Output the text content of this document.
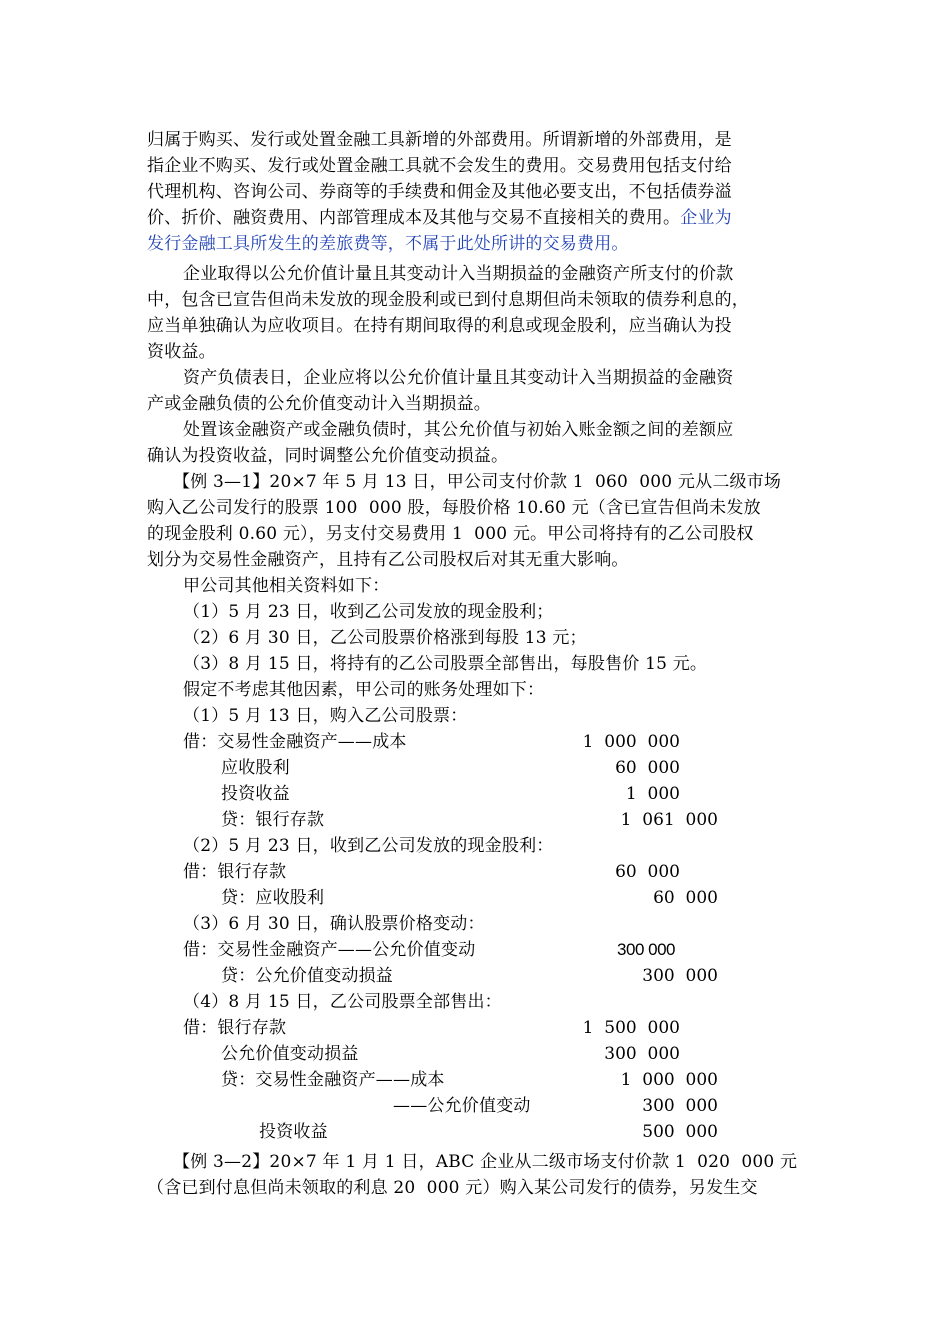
归属于购买、发行或处置金融工具新增的外部费用。所谓新增的外部费用，是
指企业不购买、发行或处置金融工具就不会发生的费用。交易费用包括支付给
代理机构、咨询公司、券商等的手续费和佣金及其他必要支出，不包括债券溢
价、折价、融资费用、内部管理成本及其他与交易不直接相关的费用。企业为
发行金融工具所发生的差旅费等，不属于此处所讲的交易费用。
企业取得以公允价值计量且其变动计入当期损益的金融资产所支付的价款
中，包含已宣告但尚未发放的现金股利或已到付息期但尚未领取的债券利息的，
应当单独确认为应收项目。在持有期间取得的利息或现金股利，应当确认为投
资收益。
资产负债表日，企业应将以公允价值计量且其变动计入当期损益的金融资
产或金融负债的公允价值变动计入当期损益。
处置该金融资产或金融负债时，其公允价值与初始入账金额之间的差额应
确认为投资收益，同时调整公允价值变动损益。
【例 3—1】20×7 年 5 月 13 日，甲公司支付价款 1  060  000 元从二级市场
购入乙公司发行的股票 100  000 股，每股价格 10.60 元（含已宣告但尚未发放
的现金股利 0.60 元），另支付交易费用 1  000 元。甲公司将持有的乙公司股权
划分为交易性金融资产，且持有乙公司股权后对其无重大影响。
甲公司其他相关资料如下：
（1）5 月 23 日，收到乙公司发放的现金股利；
（2）6 月 30 日，乙公司股票价格涨到每股 13 元；
（3）8 月 15 日，将持有的乙公司股票全部售出，每股售价 15 元。
假定不考虑其他因素，甲公司的账务处理如下：
（1）5 月 13 日，购入乙公司股票：
借：交易性金融资产——成本	1  000  000
应收股利	60  000
投资收益	1  000
贷：银行存款	1  061  000
（2）5 月 23 日，收到乙公司发放的现金股利：
借：银行存款	60  000
贷：应收股利	60  000
（3）6 月 30 日，确认股票价格变动：
借：交易性金融资产——公允价值变动	300 000
贷：公允价值变动损益	300  000
（4）8 月 15 日，乙公司股票全部售出：
借：银行存款	1  500  000
公允价值变动损益	300  000
贷：交易性金融资产——成本	1  000  000
——公允价值变动	300  000
投资收益	500  000
【例 3—2】20×7 年 1 月 1 日，ABC 企业从二级市场支付价款 1  020  000 元
（含已到付息但尚未领取的利息 20  000 元）购入某公司发行的债券，另发生交
